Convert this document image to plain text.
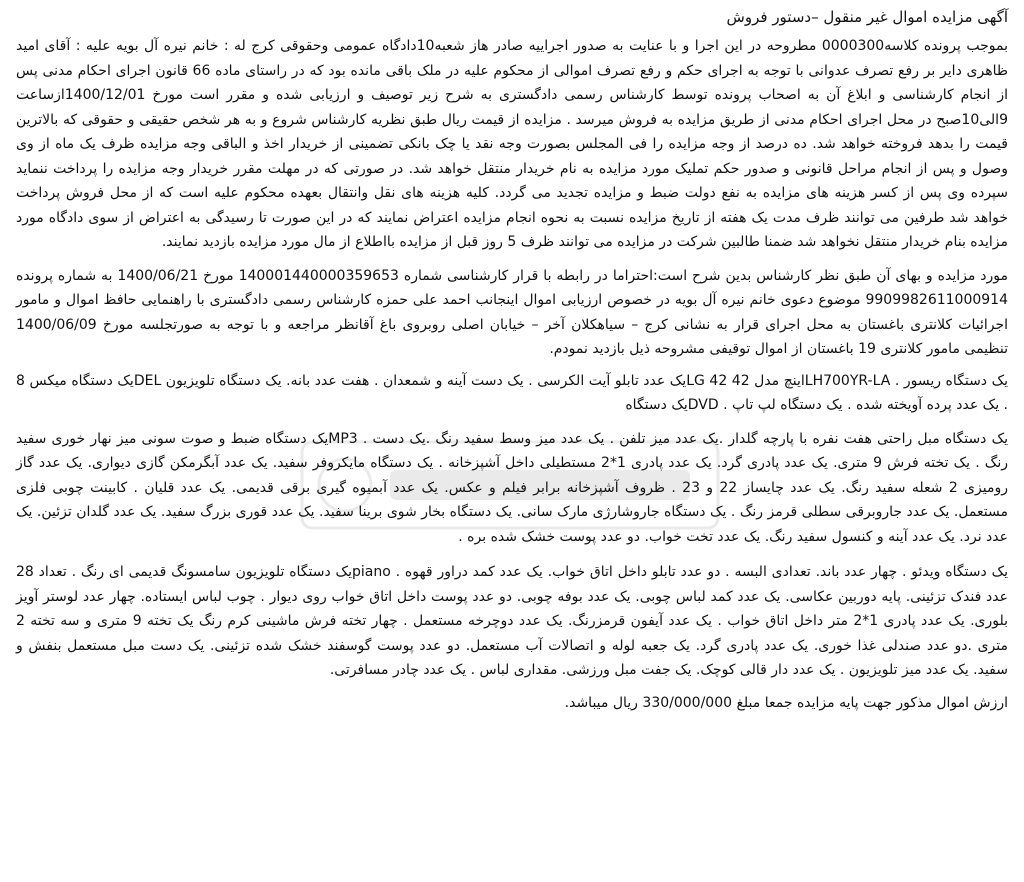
آگهی مزایده اموال غیر منقول –دستور فروش

بموجب پرونده کلاسه0000300 مطروحه در این اجرا و با عنایت به صدور اجراییه صادر هاز شعبه10دادگاه عمومی وحقوقی کرج له : خانم نیره آل بویه علیه : آقای امید ظاهری دایر بر رفع تصرف عدوانی با توجه به اجرای حکم و رفع تصرف اموالی از محکوم علیه در ملک باقی مانده بود که در راستای ماده 66 قانون اجرای احکام مدنی پس از انجام کارشناسی و ابلاغ آن به اصحاب پرونده توسط کارشناس رسمی دادگستری به شرح زیر توصیف و ارزیابی شده و مقرر است مورخ 1400/12/01ازساعت 9الی10صبح در محل اجرای احکام مدنی از طریق مزایده به فروش میرسد . مزایده از قیمت ریال طبق نظریه کارشناس شروع و به هر شخص حقیقی و حقوقی که بالاترین قیمت را بدهد فروخته خواهد شد. ده درصد از وجه مزایده را فی المجلس بصورت وجه نقد یا چک بانکی تضمینی از خریدار اخذ و الباقی وجه مزایده ظرف یک ماه از وی وصول و پس از انجام مراحل قانونی و صدور حکم تملیک مورد مزایده به نام خریدار منتقل خواهد شد. در صورتی که در مهلت مقرر خریدار وجه مزایده را پرداخت ننماید سپرده وی پس از کسر هزینه های مزایده به نفع دولت ضبط و مزایده تجدید می گردد. کلیه هزینه های نقل وانتقال بعهده محکوم علیه است که از محل فروش پرداخت خواهد شد طرفین می توانند ظرف مدت یک هفته از تاریخ مزایده نسبت به نحوه انجام مزایده اعتراض نمایند که در این صورت تا رسیدگی به اعتراض از سوی دادگاه مورد مزایده بنام خریدار منتقل نخواهد شد ضمنا طالبین شرکت در مزایده می توانند ظرف 5 روز قبل از مزایده بااطلاع از مال مورد مزایده بازدید نمایند.

مورد مزایده و بهای آن طبق نظر کارشناس بدین شرح است:احتراما در رابطه با قرار کارشناسی شماره 140001440000359653 مورخ 1400/06/21 به شماره پرونده 9909982611000914 موضوع دعوی خانم نیره آل بویه در خصوص ارزیابی اموال اینجانب احمد علی حمزه کارشناس رسمی دادگستری با راهنمایی حافظ اموال و مامور اجرائیات کلانتری باغستان به محل اجرای قرار به نشانی کرج – سیاهکلان آخر – خیابان اصلی روبروی باغ آقانظر مراجعه و با توجه به صورتجلسه مورخ 1400/06/09 تنظیمی مامور کلانتری 19 باغستان از اموال توقیفی مشروحه ذیل بازدید نمودم.

یک دستگاه ریسور . LH700YR-LAاینچ مدل 42 LG 42یک عدد تابلو آیت الکرسی . یک دست آینه و شمعدان . هفت عدد بانه. یک دستگاه تلویزیون DELیک دستگاه میکس 8 . یک عدد پرده آویخته شده . یک دستگاه لپ تاپ . DVDیک دستگاه

یک دستگاه مبل راحتی هفت نفره با پارچه گلدار .یک عدد میز تلفن . یک عدد میز وسط سفید رنگ .یک دست . MP3یک دستگاه ضبط و صوت سونی میز نهار خوری سفید رنگ . یک تخته فرش 9 متری. یک عدد پادری گرد. یک عدد پادری 1*2 مستطیلی داخل آشپزخانه . یک دستگاه مایکروفر سفید. یک عدد آبگرمکن گازی دیواری. یک عدد گاز رومیزی 2 شعله سفید رنگ. یک عدد چایساز 22 و 23 . ظروف آشپزخانه برابر فیلم و عکس. یک عدد آبمیوه گیری برقی قدیمی. یک عدد قلیان . کابینت چوبی فلزی مستعمل. یک عدد جاروبرقی سطلی قرمز رنگ . یک دستگاه جاروشارژی مارک سانی. یک دستگاه بخار شوی برینا سفید. یک عدد قوری بزرگ سفید. یک عدد گلدان تزئین. یک عدد نرد. یک عدد آینه و کنسول سفید رنگ. یک عدد تخت خواب. دو عدد پوست خشک شده بره .

یک دستگاه ویدئو . چهار عدد باند. تعدادی البسه . دو عدد تابلو داخل اتاق خواب. یک عدد کمد دراور قهوه . pianoیک دستگاه تلویزیون سامسونگ قدیمی ای رنگ . تعداد 28 عدد فندک تزئینی. پایه دوربین عکاسی. یک عدد کمد لباس چوبی. یک عدد بوفه چوبی. دو عدد پوست داخل اتاق خواب روی دیوار . چوب لباس ایستاده. چهار عدد لوستر آویز بلوری. یک عدد پادری 1*2 متر داخل اتاق خواب . یک عدد آیفون قرمزرنگ. یک عدد دوچرخه مستعمل . چهار تخته فرش ماشینی کرم رنگ یک تخته 9 متری و سه تخته 2 متری .دو عدد صندلی غذا خوری. یک عدد پادری گرد. یک جعبه لوله و اتصالات آب مستعمل. دو عدد پوست گوسفند خشک شده تزئینی. یک دست مبل مستعمل بنفش و سفید. یک عدد میز تلویزیون . یک عدد دار قالی کوچک. یک جفت مبل ورزشی. مقداری لباس . یک عدد چادر مسافرتی.

ارزش اموال مذکور جهت پایه مزایده جمعا مبلغ 330/000/000 ریال میباشد.
